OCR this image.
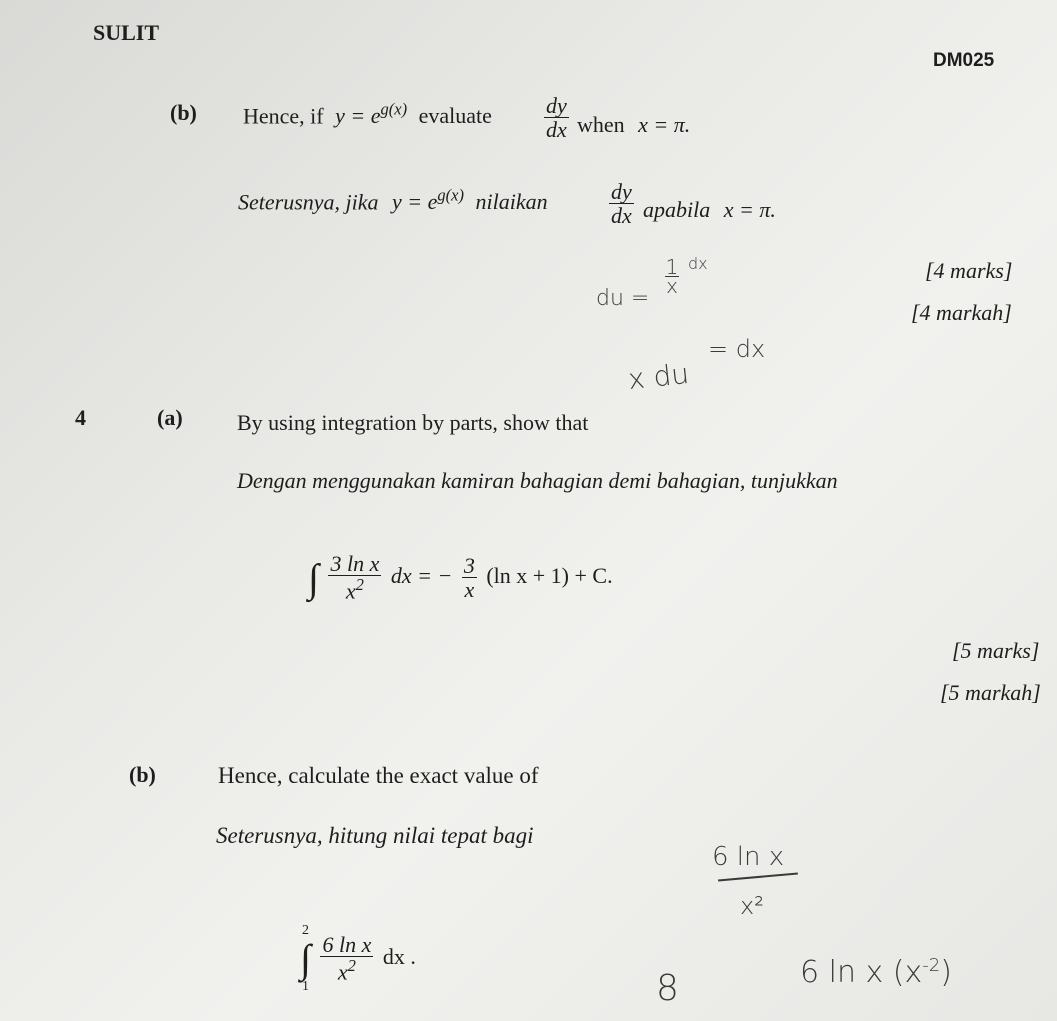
SULIT
DM025
(b) Hence, if $y = e^{g(x)}$ evaluate $\frac{dy}{dx}$ when x = π.
Seterusnya, jika $y = e^{g(x)}$ nilaikan	$\frac{dy}{dx}$ apabila x = π.
[4 marks]
[4 markah]
1
x
dx
du =
= dx
x du
4	(a) By using integration by parts, show that
Dengan menggunakan kamiran bahagian demi bahagian, tunjukkan
∫ $\frac{\text{3 ln x}}{x^2}$ dx = − $\frac{3}{x} (\ln$ x + 1) + C.
[5 marks]
[5 markah]
(b)	Hence, calculate the exact value of
Seterusnya, hitung nilai tepat bagi
2
∫
1

$\frac{\text{6 ln x}}{x^2}$ dx .
6 ln x
x²
6 ln x $(x^{-2})$
8
